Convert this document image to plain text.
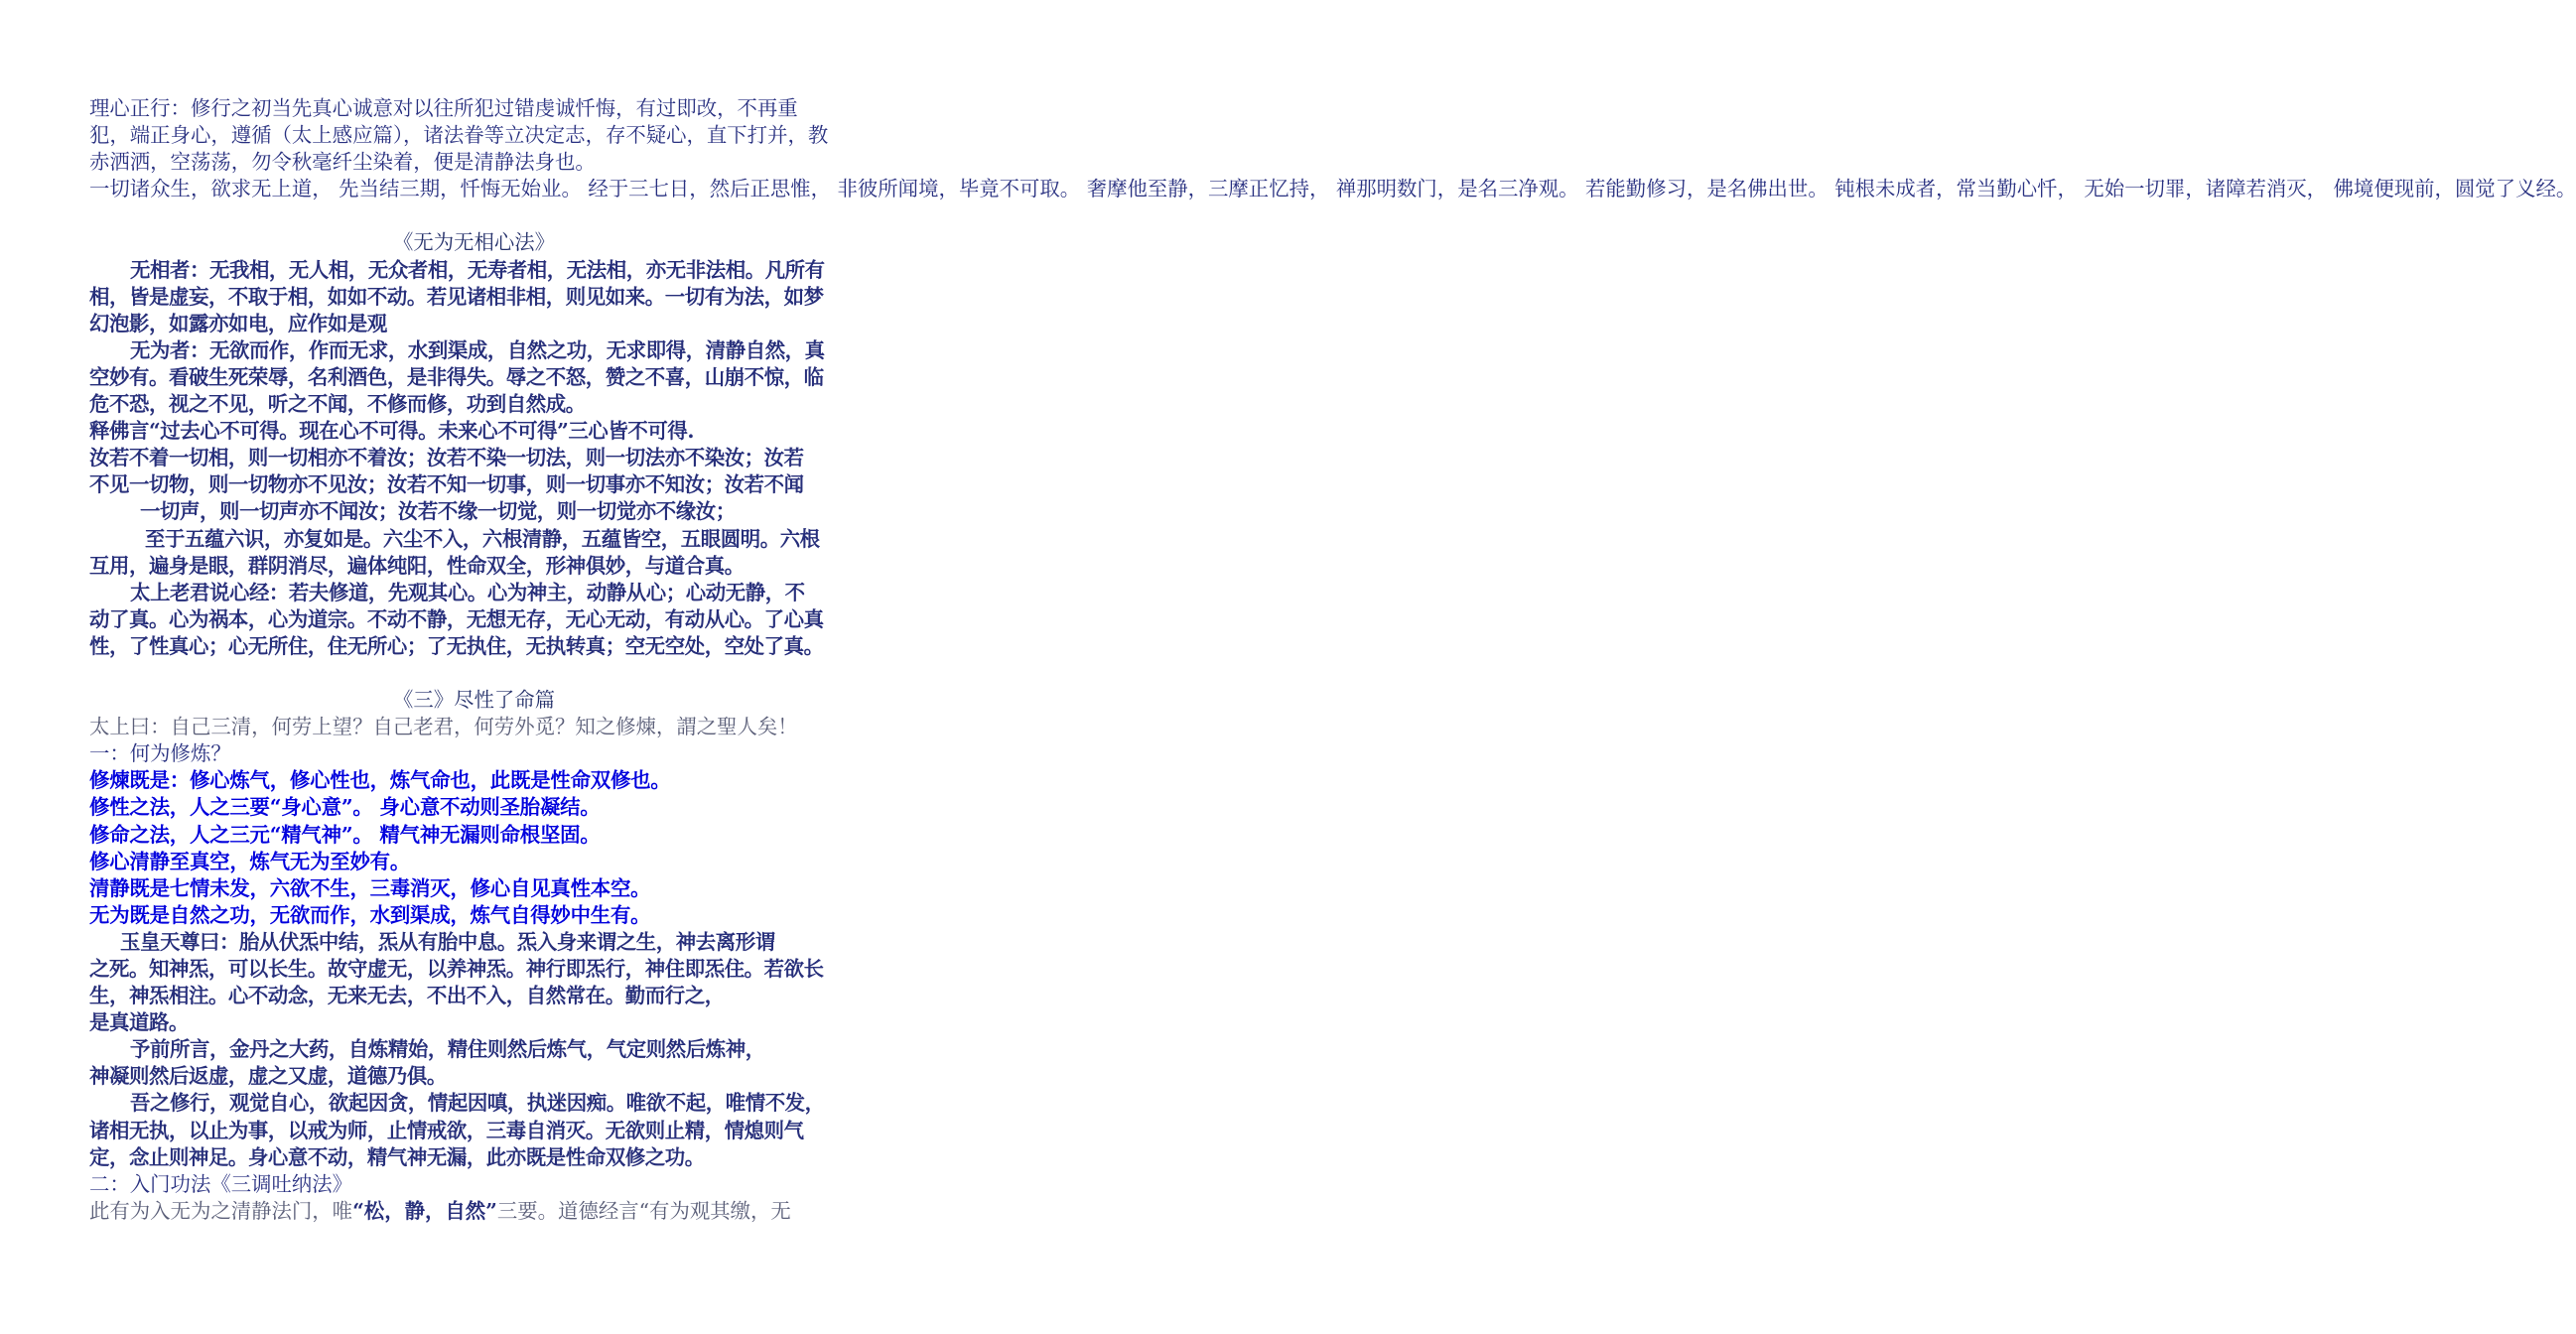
理心正行：修行之初当先真心诚意对以往所犯过错虔诚忏悔，有过即改，不再重
犯，端正身心，遵循（太上感应篇），诸法眷等立决定志，存不疑心，直下打并，教
赤洒洒，空荡荡，勿令秋毫纤尘染着，便是清静法身也。
一切诸众生，欲求无上道， 先当结三期，忏悔无始业。 经于三七日，然后正思惟， 非彼所闻境，毕竟不可取。 奢摩他至静，三摩正忆持， 禅那明数门，是名三净观。 若能勤修习，是名佛出世。 钝根未成者，常当勤心忏， 无始一切罪，诸障若消灭， 佛境便现前，圆觉了义经。
《无为无相心法》
无相者：无我相，无人相，无众者相，无寿者相，无法相，亦无非法相。凡所有
相，皆是虚妄，不取于相，如如不动。若见诸相非相，则见如来。一切有为法，如梦
幻泡影，如露亦如电，应作如是观
无为者：无欲而作，作而无求，水到渠成，自然之功，无求即得，清静自然，真
空妙有。看破生死荣辱，名利酒色，是非得失。辱之不怒，赞之不喜，山崩不惊，临
危不恐，视之不见，听之不闻，不修而修，功到自然成。
释佛言“过去心不可得。现在心不可得。未来心不可得”三心皆不可得.
汝若不着一切相，则一切相亦不着汝；汝若不染一切法，则一切法亦不染汝；汝若
不见一切物，则一切物亦不见汝；汝若不知一切事，则一切事亦不知汝；汝若不闻
一切声，则一切声亦不闻汝；汝若不缘一切觉，则一切觉亦不缘汝；
至于五蕴六识，亦复如是。六尘不入，六根清静，五蕴皆空，五眼圆明。六根
互用，遍身是眼，群阴消尽，遍体纯阳，性命双全，形神俱妙，与道合真。
太上老君说心经：若夫修道，先观其心。心为神主，动静从心；心动无静，不
动了真。心为祸本，心为道宗。不动不静，无想无存，无心无动，有动从心。了心真
性，了性真心；心无所住，住无所心；了无执住，无执转真；空无空处，空处了真。
《三》尽性了命篇
太上曰：自己三清，何劳上望？自己老君，何劳外觅？知之修煉，謂之聖人矣！
一：何为修炼？
修煉既是：修心炼气，修心性也，炼气命也，此既是性命双修也。
修性之法，人之三要“身心意”。 身心意不动则圣胎凝结。
修命之法，人之三元“精气神”。 精气神无漏则命根坚固。
修心清静至真空，炼气无为至妙有。
清静既是七情未发，六欲不生，三毒消灭，修心自见真性本空。
无为既是自然之功，无欲而作，水到渠成，炼气自得妙中生有。
玉皇天尊曰：胎从伏炁中结，炁从有胎中息。炁入身来谓之生，神去离形谓
之死。知神炁，可以长生。故守虚无，以养神炁。神行即炁行，神住即炁住。若欲长
生，神炁相注。心不动念，无来无去，不出不入，自然常在。勤而行之，
是真道路。
予前所言，金丹之大药，自炼精始，精住则然后炼气，气定则然后炼神，
神凝则然后返虚，虚之又虚，道德乃俱。
吾之修行，观觉自心，欲起因贪，情起因嗔，执迷因痴。唯欲不起，唯情不发，
诸相无执，以止为事，以戒为师，止情戒欲，三毒自消灭。无欲则止精，情熄则气
定，念止则神足。身心意不动，精气神无漏，此亦既是性命双修之功。
二：入门功法《三调吐纳法》
此有为入无为之清静法门，唯“松，静，自然”三要。道德经言“有为观其缴，无
